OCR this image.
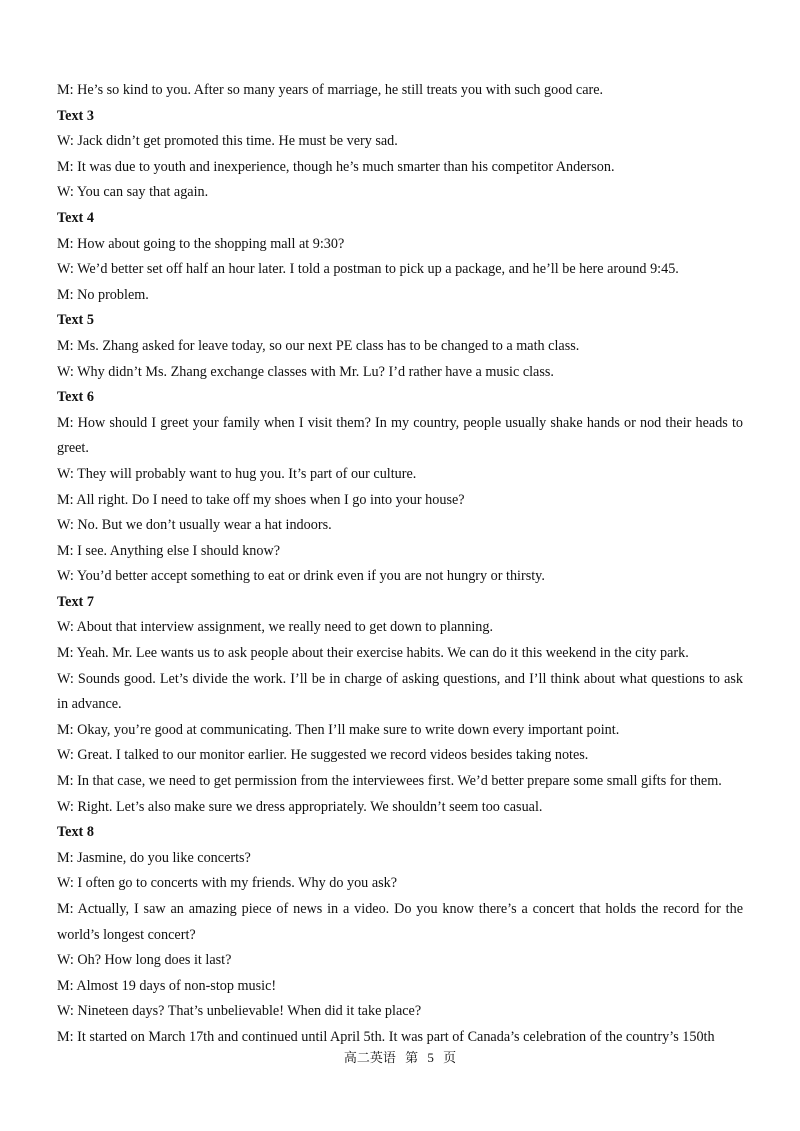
M: He’s so kind to you. After so many years of marriage, he still treats you with such good care.
Text 3
W: Jack didn’t get promoted this time. He must be very sad.
M: It was due to youth and inexperience, though he’s much smarter than his competitor Anderson.
W: You can say that again.
Text 4
M: How about going to the shopping mall at 9:30?
W: We’d better set off half an hour later. I told a postman to pick up a package, and he’ll be here around 9:45.
M: No problem.
Text 5
M: Ms. Zhang asked for leave today, so our next PE class has to be changed to a math class.
W: Why didn’t Ms. Zhang exchange classes with Mr. Lu? I’d rather have a music class.
Text 6
M: How should I greet your family when I visit them? In my country, people usually shake hands or nod their heads to greet.
W: They will probably want to hug you. It’s part of our culture.
M: All right. Do I need to take off my shoes when I go into your house?
W: No. But we don’t usually wear a hat indoors.
M: I see. Anything else I should know?
W: You’d better accept something to eat or drink even if you are not hungry or thirsty.
Text 7
W: About that interview assignment, we really need to get down to planning.
M: Yeah. Mr. Lee wants us to ask people about their exercise habits. We can do it this weekend in the city park.
W: Sounds good. Let’s divide the work. I’ll be in charge of asking questions, and I’ll think about what questions to ask in advance.
M: Okay, you’re good at communicating. Then I’ll make sure to write down every important point.
W: Great. I talked to our monitor earlier. He suggested we record videos besides taking notes.
M: In that case, we need to get permission from the interviewees first. We’d better prepare some small gifts for them.
W: Right. Let’s also make sure we dress appropriately. We shouldn’t seem too casual.
Text 8
M: Jasmine, do you like concerts?
W: I often go to concerts with my friends. Why do you ask?
M: Actually, I saw an amazing piece of news in a video. Do you know there’s a concert that holds the record for the world’s longest concert?
W: Oh? How long does it last?
M: Almost 19 days of non-stop music!
W: Nineteen days? That’s unbelievable! When did it take place?
M: It started on March 17th and continued until April 5th. It was part of Canada’s celebration of the country’s 150th
高二英语 第 5 页
